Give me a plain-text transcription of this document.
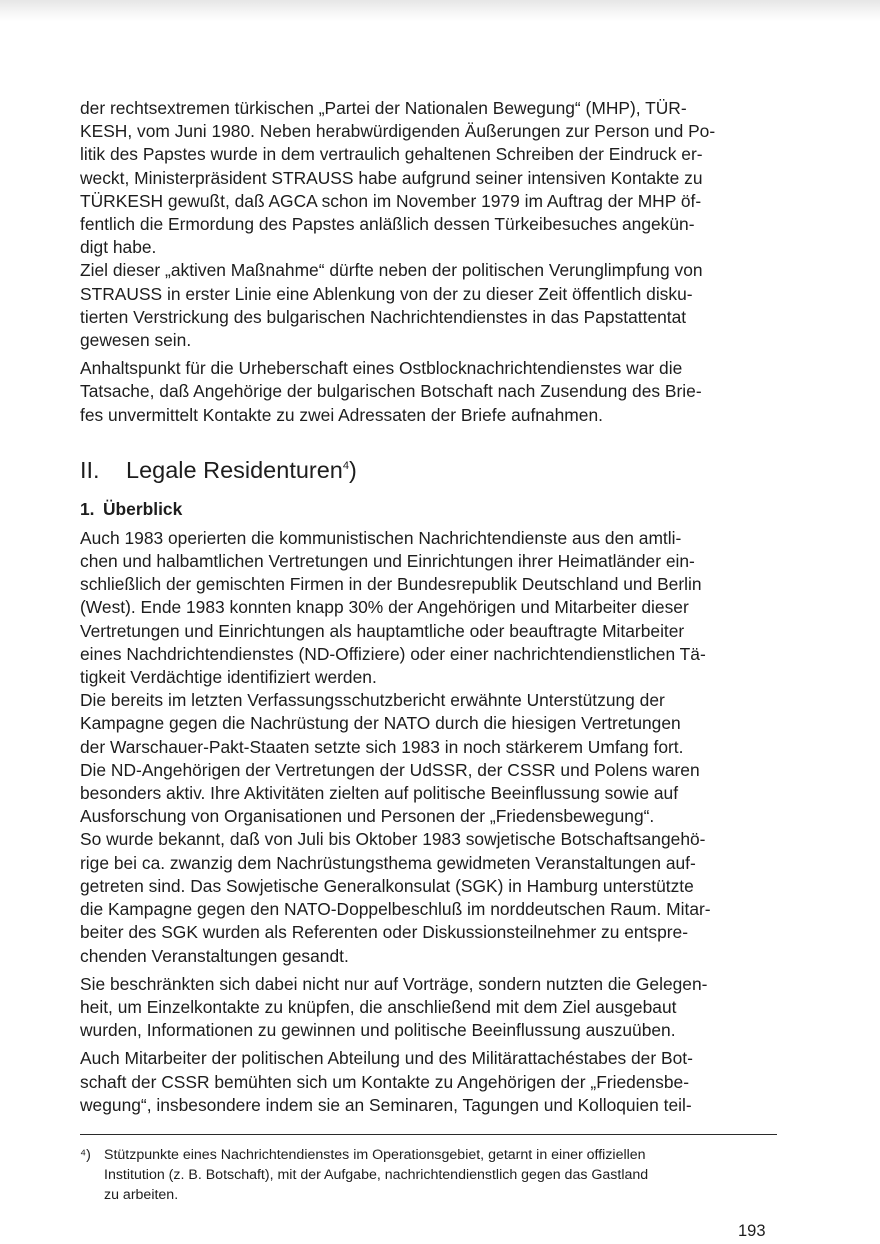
der rechtsextremen türkischen „Partei der Nationalen Bewegung“ (MHP), TÜR-
KESH, vom Juni 1980. Neben herabwürdigenden Äußerungen zur Person und Po-
litik des Papstes wurde in dem vertraulich gehaltenen Schreiben der Eindruck er-
weckt, Ministerpräsident STRAUSS habe aufgrund seiner intensiven Kontakte zu
TÜRKESH gewußt, daß AGCA schon im November 1979 im Auftrag der MHP öf-
fentlich die Ermordung des Papstes anläßlich dessen Türkeibesuches angekün-
digt habe.

Ziel dieser „aktiven Maßnahme“ dürfte neben der politischen Verunglimpfung von
STRAUSS in erster Linie eine Ablenkung von der zu dieser Zeit öffentlich disku-
tierten Verstrickung des bulgarischen Nachrichtendienstes in das Papstattentat
gewesen sein.

Anhaltspunkt für die Urheberschaft eines Ostblocknachrichtendienstes war die
Tatsache, daß Angehörige der bulgarischen Botschaft nach Zusendung des Brie-
fes unvermittelt Kontakte zu zwei Adressaten der Briefe aufnahmen.

II. Legale Residenturen$^4$)
1. Überblick

Auch 1983 operierten die kommunistischen Nachrichtendienste aus den amtli-
chen und halbamtlichen Vertretungen und Einrichtungen ihrer Heimatländer ein-
schließlich der gemischten Firmen in der Bundesrepublik Deutschland und Berlin
(West). Ende 1983 konnten knapp 30% der Angehörigen und Mitarbeiter dieser
Vertretungen und Einrichtungen als hauptamtliche oder beauftragte Mitarbeiter
eines Nachdrichtendienstes (ND-Offiziere) oder einer nachrichtendienstlichen Tä-
tigkeit Verdächtige identifiziert werden.

Die bereits im letzten Verfassungsschutzbericht erwähnte Unterstützung der
Kampagne gegen die Nachrüstung der NATO durch die hiesigen Vertretungen
der Warschauer-Pakt-Staaten setzte sich 1983 in noch stärkerem Umfang fort.
Die ND-Angehörigen der Vertretungen der UdSSR, der CSSR und Polens waren
besonders aktiv. Ihre Aktivitäten zielten auf politische Beeinflussung sowie auf
Ausforschung von Organisationen und Personen der „Friedensbewegung“.

So wurde bekannt, daß von Juli bis Oktober 1983 sowjetische Botschaftsangehö-
rige bei ca. zwanzig dem Nachrüstungsthema gewidmeten Veranstaltungen auf-
getreten sind. Das Sowjetische Generalkonsulat (SGK) in Hamburg unterstützte
die Kampagne gegen den NATO-Doppelbeschluß im norddeutschen Raum. Mitar-
beiter des SGK wurden als Referenten oder Diskussionsteilnehmer zu entspre-
chenden Veranstaltungen gesandt.

Sie beschränkten sich dabei nicht nur auf Vorträge, sondern nutzten die Gelegen-
heit, um Einzelkontakte zu knüpfen, die anschließend mit dem Ziel ausgebaut
wurden, Informationen zu gewinnen und politische Beeinflussung auszuüben.

Auch Mitarbeiter der politischen Abteilung und des Militärattachéstabes der Bot-
schaft der CSSR bemühten sich um Kontakte zu Angehörigen der „Friedensbe-
wegung“, insbesondere indem sie an Seminaren, Tagungen und Kolloquien teil-

⁴) Stützpunkte eines Nachrichtendienstes im Operationsgebiet, getarnt in einer offiziellen
Institution (z. B. Botschaft), mit der Aufgabe, nachrichtendienstlich gegen das Gastland
zu arbeiten.
193
